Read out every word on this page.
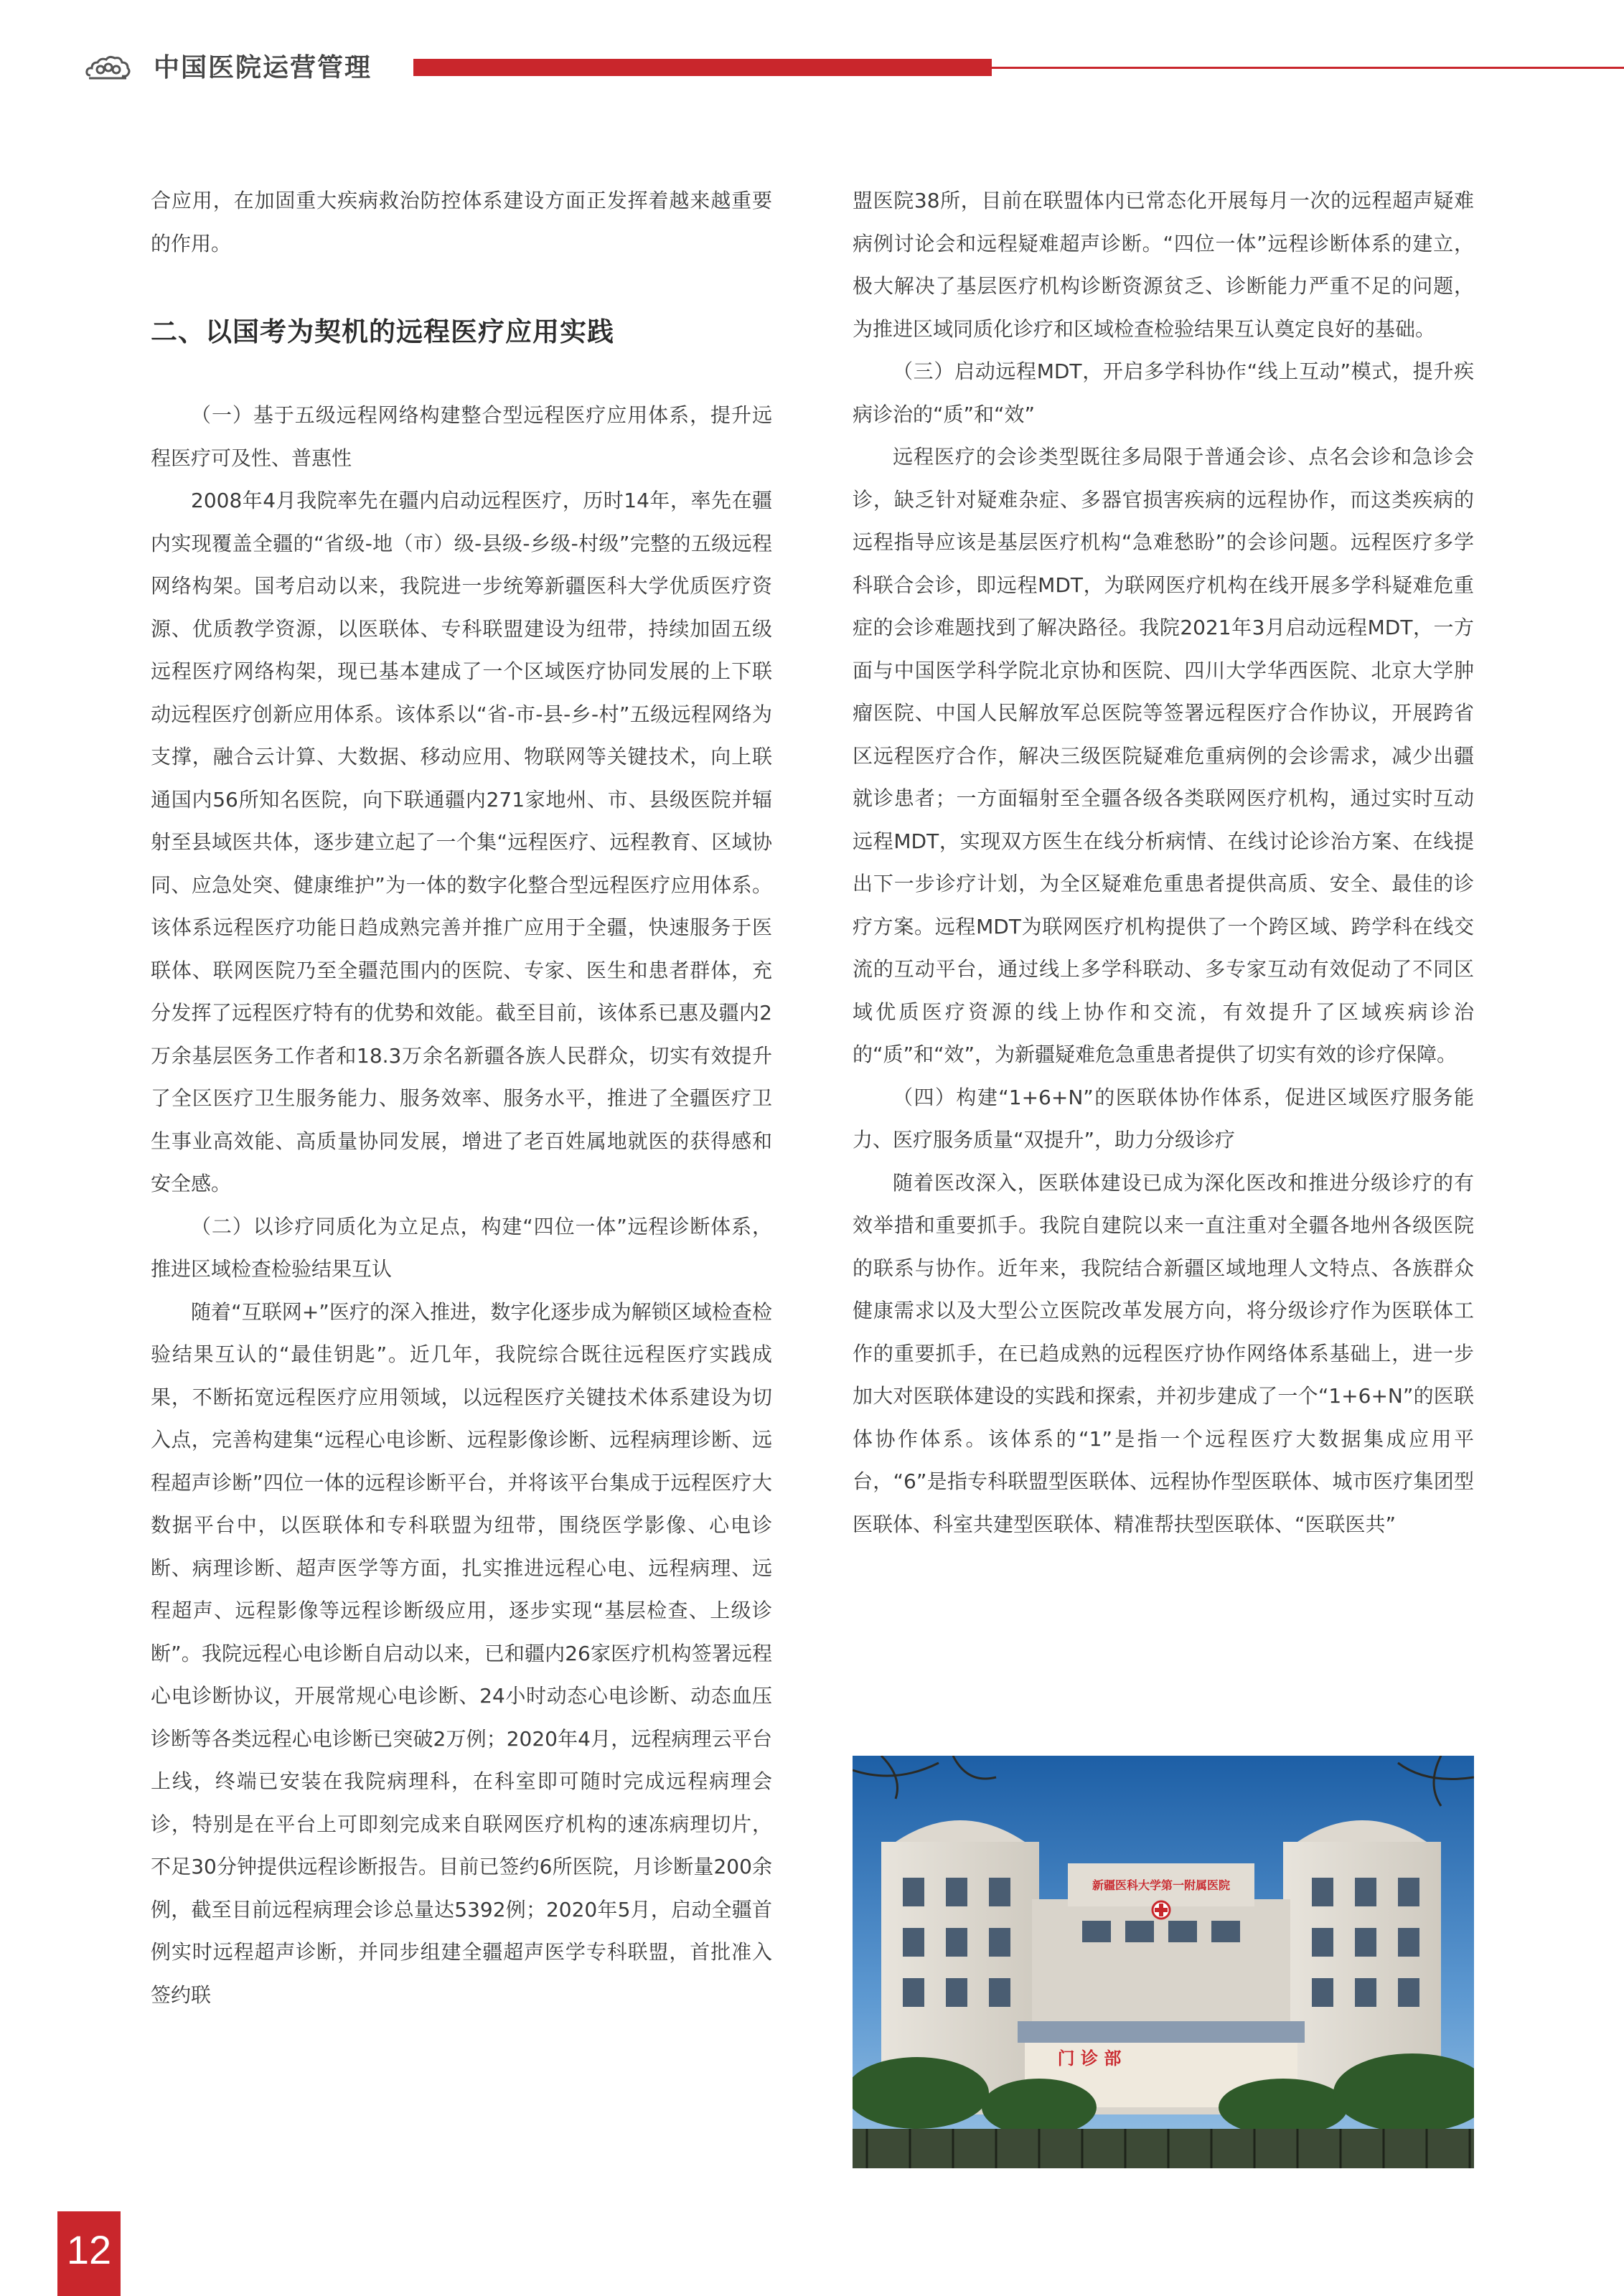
中国医院运营管理

合应用，在加固重大疾病救治防控体系建设方面正发挥着越来越重要的作用。

二、以国考为契机的远程医疗应用实践

（一）基于五级远程网络构建整合型远程医疗应用体系，提升远程医疗可及性、普惠性

2008年4月我院率先在疆内启动远程医疗，历时14年，率先在疆内实现覆盖全疆的“省级-地（市）级-县级-乡级-村级”完整的五级远程网络构架。国考启动以来，我院进一步统筹新疆医科大学优质医疗资源、优质教学资源，以医联体、专科联盟建设为纽带，持续加固五级远程医疗网络构架，现已基本建成了一个区域医疗协同发展的上下联动远程医疗创新应用体系。该体系以“省-市-县-乡-村”五级远程网络为支撑，融合云计算、大数据、移动应用、物联网等关键技术，向上联通国内56所知名医院，向下联通疆内271家地州、市、县级医院并辐射至县域医共体，逐步建立起了一个集“远程医疗、远程教育、区域协同、应急处突、健康维护”为一体的数字化整合型远程医疗应用体系。该体系远程医疗功能日趋成熟完善并推广应用于全疆，快速服务于医联体、联网医院乃至全疆范围内的医院、专家、医生和患者群体，充分发挥了远程医疗特有的优势和效能。截至目前，该体系已惠及疆内2万余基层医务工作者和18.3万余名新疆各族人民群众，切实有效提升了全区医疗卫生服务能力、服务效率、服务水平，推进了全疆医疗卫生事业高效能、高质量协同发展，增进了老百姓属地就医的获得感和安全感。

（二）以诊疗同质化为立足点，构建“四位一体”远程诊断体系，推进区域检查检验结果互认

随着“互联网+”医疗的深入推进，数字化逐步成为解锁区域检查检验结果互认的“最佳钥匙”。近几年，我院综合既往远程医疗实践成果，不断拓宽远程医疗应用领域，以远程医疗关键技术体系建设为切入点，完善构建集“远程心电诊断、远程影像诊断、远程病理诊断、远程超声诊断”四位一体的远程诊断平台，并将该平台集成于远程医疗大数据平台中，以医联体和专科联盟为纽带，围绕医学影像、心电诊断、病理诊断、超声医学等方面，扎实推进远程心电、远程病理、远程超声、远程影像等远程诊断级应用，逐步实现“基层检查、上级诊断”。我院远程心电诊断自启动以来，已和疆内26家医疗机构签署远程心电诊断协议，开展常规心电诊断、24小时动态心电诊断、动态血压诊断等各类远程心电诊断已突破2万例；2020年4月，远程病理云平台上线，终端已安装在我院病理科，在科室即可随时完成远程病理会诊，特别是在平台上可即刻完成来自联网医疗机构的速冻病理切片，不足30分钟提供远程诊断报告。目前已签约6所医院，月诊断量200余例，截至目前远程病理会诊总量达5392例；2020年5月，启动全疆首例实时远程超声诊断，并同步组建全疆超声医学专科联盟，首批准入签约联

盟医院38所，目前在联盟体内已常态化开展每月一次的远程超声疑难病例讨论会和远程疑难超声诊断。“四位一体”远程诊断体系的建立，极大解决了基层医疗机构诊断资源贫乏、诊断能力严重不足的问题，为推进区域同质化诊疗和区域检查检验结果互认奠定良好的基础。

（三）启动远程MDT，开启多学科协作“线上互动”模式，提升疾病诊治的“质”和“效”

远程医疗的会诊类型既往多局限于普通会诊、点名会诊和急诊会诊，缺乏针对疑难杂症、多器官损害疾病的远程协作，而这类疾病的远程指导应该是基层医疗机构“急难愁盼”的会诊问题。远程医疗多学科联合会诊，即远程MDT，为联网医疗机构在线开展多学科疑难危重症的会诊难题找到了解决路径。我院2021年3月启动远程MDT，一方面与中国医学科学院北京协和医院、四川大学华西医院、北京大学肿瘤医院、中国人民解放军总医院等签署远程医疗合作协议，开展跨省区远程医疗合作，解决三级医院疑难危重病例的会诊需求，减少出疆就诊患者；一方面辐射至全疆各级各类联网医疗机构，通过实时互动远程MDT，实现双方医生在线分析病情、在线讨论诊治方案、在线提出下一步诊疗计划，为全区疑难危重患者提供高质、安全、最佳的诊疗方案。远程MDT为联网医疗机构提供了一个跨区域、跨学科在线交流的互动平台，通过线上多学科联动、多专家互动有效促动了不同区域优质医疗资源的线上协作和交流，有效提升了区域疾病诊治的“质”和“效”，为新疆疑难危急重患者提供了切实有效的诊疗保障。

（四）构建“1+6+N”的医联体协作体系，促进区域医疗服务能力、医疗服务质量“双提升”，助力分级诊疗

随着医改深入，医联体建设已成为深化医改和推进分级诊疗的有效举措和重要抓手。我院自建院以来一直注重对全疆各地州各级医院的联系与协作。近年来，我院结合新疆区域地理人文特点、各族群众健康需求以及大型公立医院改革发展方向，将分级诊疗作为医联体工作的重要抓手，在已趋成熟的远程医疗协作网络体系基础上，进一步加大对医联体建设的实践和探索，并初步建成了一个“1+6+N”的医联体协作体系。该体系的“1”是指一个远程医疗大数据集成应用平台，“6”是指专科联盟型医联体、远程协作型医联体、城市医疗集团型医联体、科室共建型医联体、精准帮扶型医联体、“医联医共”

新疆医科大学第一附属医院
门 诊 部
12
